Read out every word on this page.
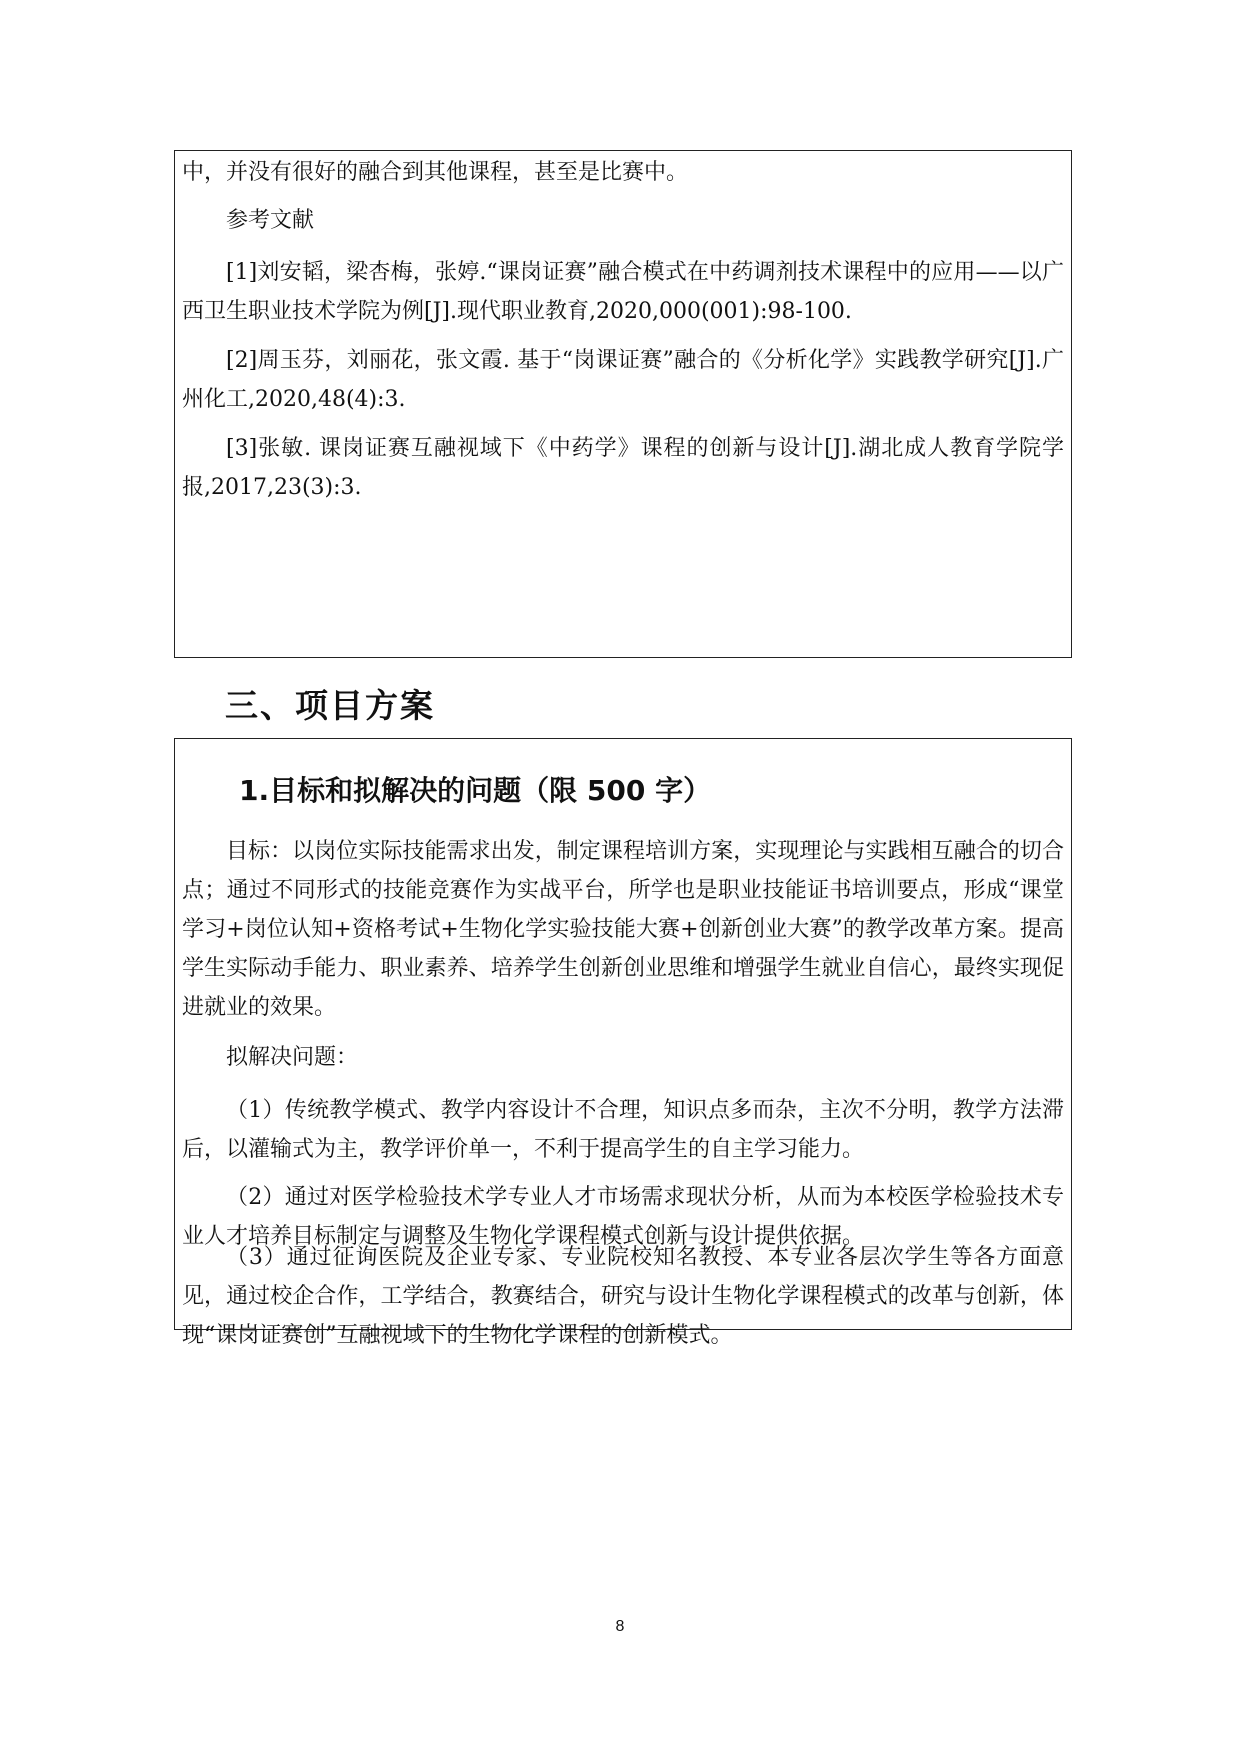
中，并没有很好的融合到其他课程，甚至是比赛中。

参考文献

[1]刘安韬，梁杏梅，张婷.“课岗证赛”融合模式在中药调剂技术课程中的应用——以广西卫生职业技术学院为例[J].现代职业教育,2020,000(001):98-100.

[2]周玉芬，刘丽花，张文霞. 基于“岗课证赛”融合的《分析化学》实践教学研究[J].广州化工,2020,48(4):3.

[3]张敏. 课岗证赛互融视域下《中药学》课程的创新与设计[J].湖北成人教育学院学报,2017,23(3):3.

三、项目方案
1.目标和拟解决的问题（限 500 字）

目标：以岗位实际技能需求出发，制定课程培训方案，实现理论与实践相互融合的切合点；通过不同形式的技能竞赛作为实战平台，所学也是职业技能证书培训要点，形成“课堂学习+岗位认知+资格考试+生物化学实验技能大赛+创新创业大赛”的教学改革方案。提高学生实际动手能力、职业素养、培养学生创新创业思维和增强学生就业自信心，最终实现促进就业的效果。

拟解决问题：

（1）传统教学模式、教学内容设计不合理，知识点多而杂，主次不分明，教学方法滞后，以灌输式为主，教学评价单一，不利于提高学生的自主学习能力。

（2）通过对医学检验技术学专业人才市场需求现状分析，从而为本校医学检验技术专业人才培养目标制定与调整及生物化学课程模式创新与设计提供依据。

（3）通过征询医院及企业专家、专业院校知名教授、本专业各层次学生等各方面意见，通过校企合作，工学结合，教赛结合，研究与设计生物化学课程模式的改革与创新，体现“课岗证赛创”互融视域下的生物化学课程的创新模式。

8
